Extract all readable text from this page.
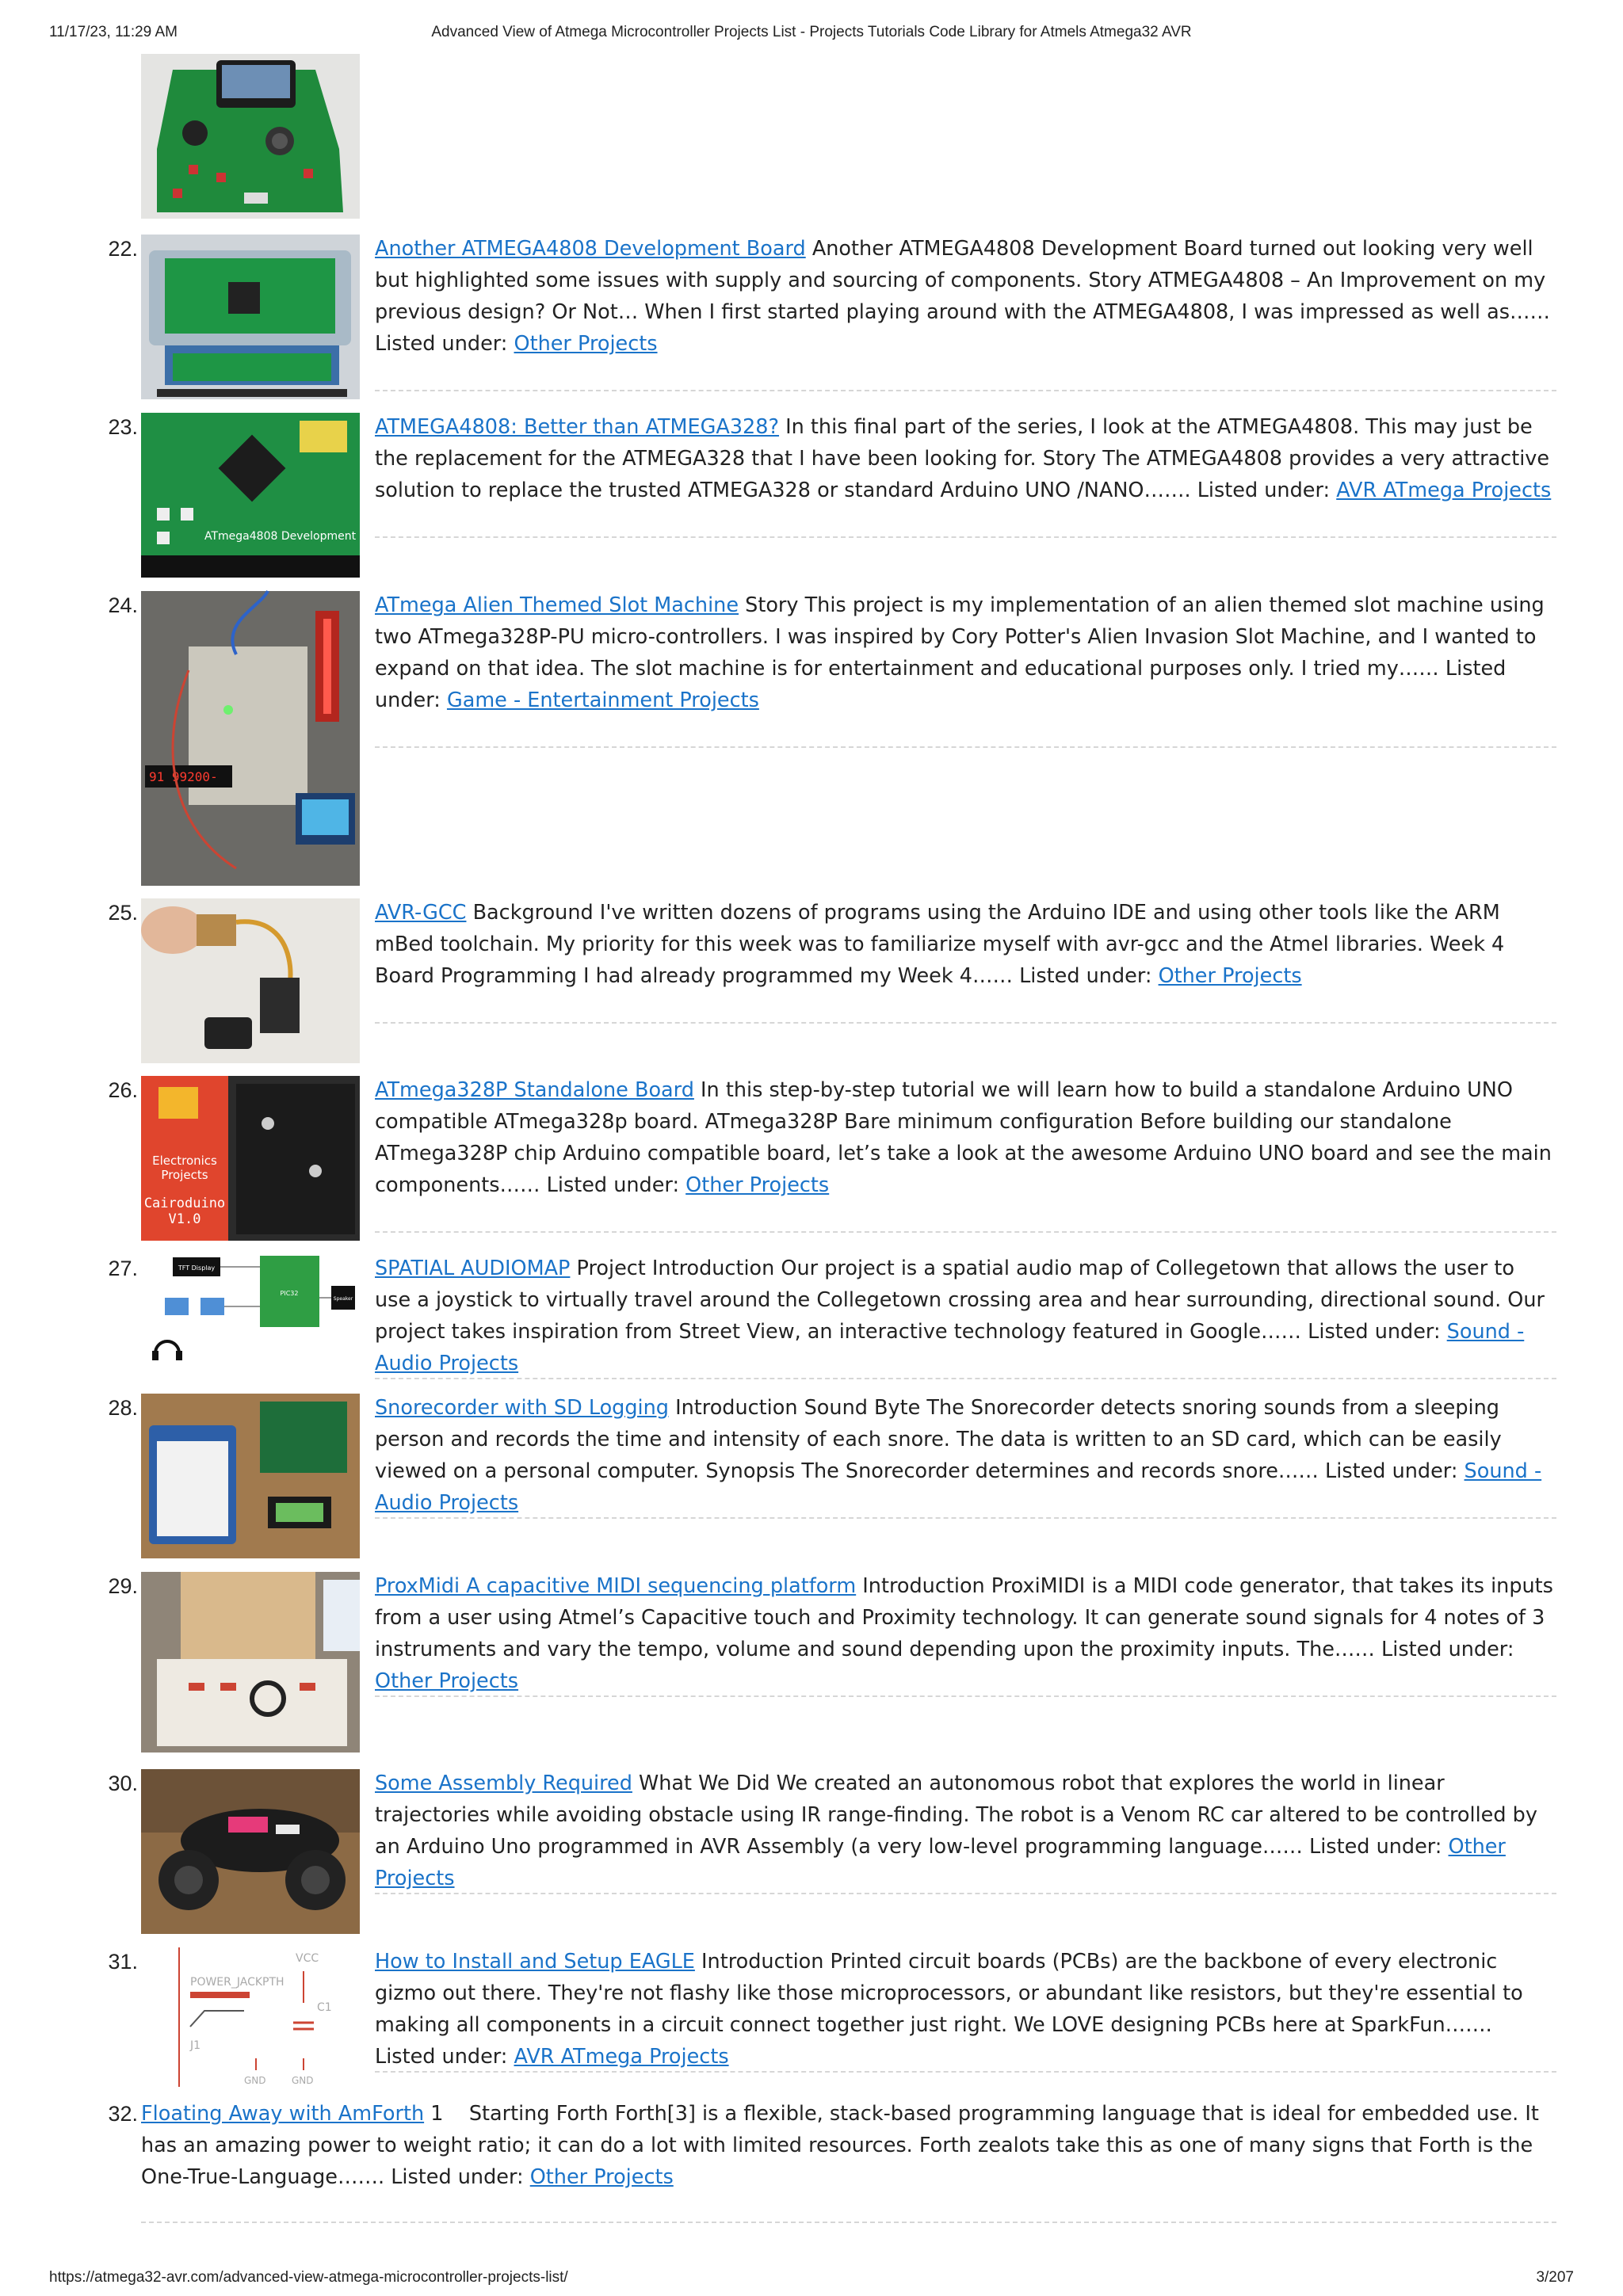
11/17/23, 11:29 AM	Advanced View of Atmega Microcontroller Projects List - Projects Tutorials Code Library for Atmels Atmega32 AVR
22.	Another ATMEGA4808 Development Board Another ATMEGA4808 Development Board turned out looking very well but highlighted some issues with supply and sourcing of components. Story ATMEGA4808 – An Improvement on my previous design? Or Not… When I first started playing around with the ATMEGA4808, I was impressed as well as…… Listed under: Other Projects
23.
ATmega4808 Development Board
ATMEGA4808: Better than ATMEGA328? In this final part of the series, I look at the ATMEGA4808. This may just be the replacement for the ATMEGA328 that I have been looking for. Story The ATMEGA4808 provides a very attractive solution to replace the trusted ATMEGA328 or standard Arduino UNO /NANO……. Listed under: AVR ATmega Projects
24.
91 99200-
ATmega Alien Themed Slot Machine Story This project is my implementation of an alien themed slot machine using two ATmega328P-PU micro-controllers. I was inspired by Cory Potter's Alien Invasion Slot Machine, and I wanted to expand on that idea. The slot machine is for entertainment and educational purposes only. I tried my…… Listed under: Game - Entertainment Projects
25.	AVR-GCC Background I've written dozens of programs using the Arduino IDE and using other tools like the ARM mBed toolchain. My priority for this week was to familiarize myself with avr-gcc and the Atmel libraries. Week 4 Board Programming I had already programmed my Week 4…… Listed under: Other Projects
26.
Electronics
Projects
Cairoduino
V1.0
ATmega328P Standalone Board In this step-by-step tutorial we will learn how to build a standalone Arduino UNO compatible ATmega328p board. ATmega328P Bare minimum configuration Before building our standalone ATmega328P chip Arduino compatible board, let’s take a look at the awesome Arduino UNO board and see the main components…… Listed under: Other Projects
27.	TFT Display
PIC32
Speaker
SPATIAL AUDIOMAP Project Introduction Our project is a spatial audio map of Collegetown that allows the user to use a joystick to virtually travel around the Collegetown crossing area and hear surrounding, directional sound. Our project takes inspiration from Street View, an interactive technology featured in Google…… Listed under: Sound - Audio Projects
28.	Snorecorder with SD Logging Introduction Sound Byte The Snorecorder detects snoring sounds from a sleeping person and records the time and intensity of each snore. The data is written to an SD card, which can be easily viewed on a personal computer. Synopsis The Snorecorder determines and records snore…… Listed under: Sound - Audio Projects
29.	ProxMidi A capacitive MIDI sequencing platform Introduction ProxiMIDI is a MIDI code generator, that takes its inputs from a user using Atmel’s Capacitive touch and Proximity technology. It can generate sound signals for 4 notes of 3 instruments and vary the tempo, volume and sound depending upon the proximity inputs. The…… Listed under: Other Projects
30.	Some Assembly Required What We Did We created an autonomous robot that explores the world in linear trajectories while avoiding obstacle using IR range-finding. The robot is a Venom RC car altered to be controlled by an Arduino Uno programmed in AVR Assembly (a very low-level programming language…… Listed under: Other Projects
31.	VCC
POWER_JACKPTH
J1
C1
GND	GND
How to Install and Setup EAGLE Introduction Printed circuit boards (PCBs) are the backbone of every electronic gizmo out there. They're not flashy like those microprocessors, or abundant like resistors, but they're essential to making all components in a circuit connect together just right. We LOVE designing PCBs here at SparkFun……. Listed under: AVR ATmega Projects
32. Floating Away with AmForth 1    Starting Forth Forth[3] is a flexible, stack-based programming language that is ideal for embedded use. It has an amazing power to weight ratio; it can do a lot with limited resources. Forth zealots take this as one of many signs that Forth is the One-True-Language……. Listed under: Other Projects
https://atmega32-avr.com/advanced-view-atmega-microcontroller-projects-list/	3/207
